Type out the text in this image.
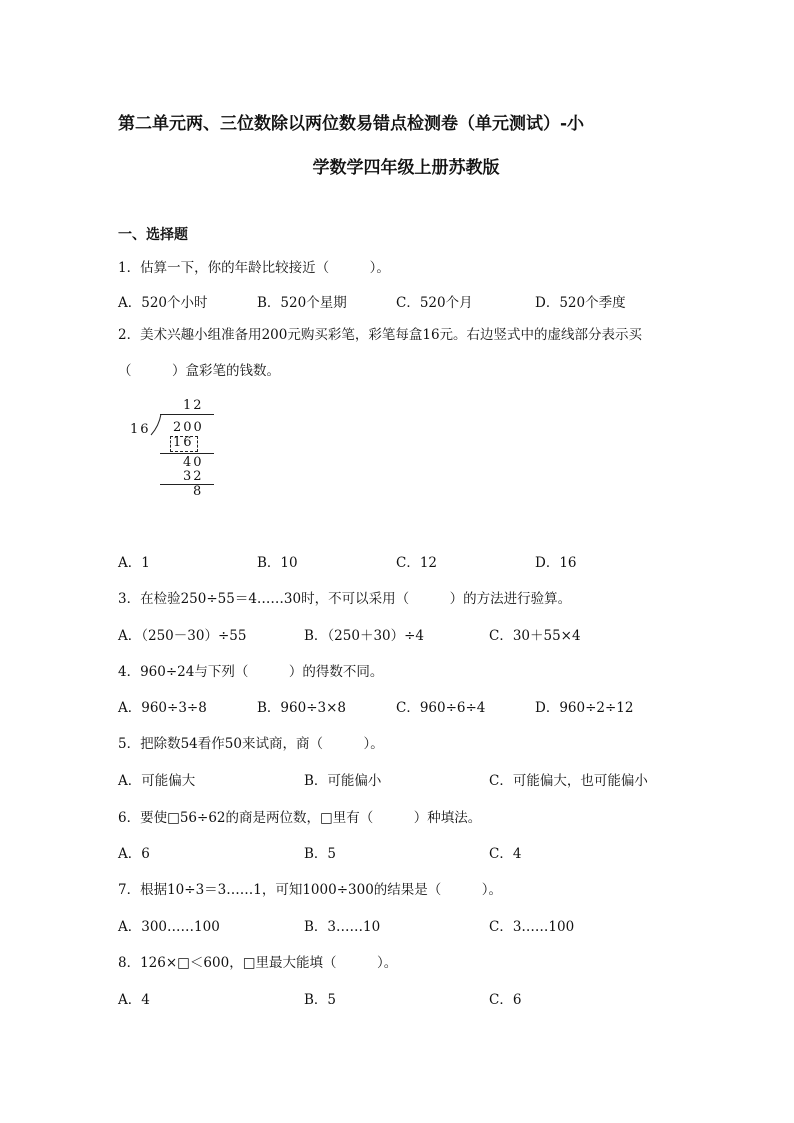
第二单元两、三位数除以两位数易错点检测卷（单元测试）-小
学数学四年级上册苏教版
一、选择题
1．估算一下，你的年龄比较接近（　　　）。
A．520个小时	B．520个星期	C．520个月	D．520个季度
2．美术兴趣小组准备用200元购买彩笔，彩笔每盒16元。右边竖式中的虚线部分表示买
（　　　）盒彩笔的钱数。
12
16 200
16
40
32
8
A．1	B．10	C．12	D．16
3．在检验250÷55＝4……30时，不可以采用（　　　）的方法进行验算。
A．（250－30）÷55	B．（250＋30）÷4	C．30＋55×4
4．960÷24与下列（　　　）的得数不同。
A．960÷3÷8	B．960÷3×8	C．960÷6÷4	D．960÷2÷12
5．把除数54看作50来试商，商（　　　）。
A．可能偏大	B．可能偏小	C．可能偏大，也可能偏小
6．要使□56÷62的商是两位数，□里有（　　　）种填法。
A．6	B．5	C．4
7．根据10÷3＝3……1，可知1000÷300的结果是（　　　）。
A．300……100	B．3……10	C．3……100
8．126×□＜600，□里最大能填（　　　）。
A．4	B．5	C．6
